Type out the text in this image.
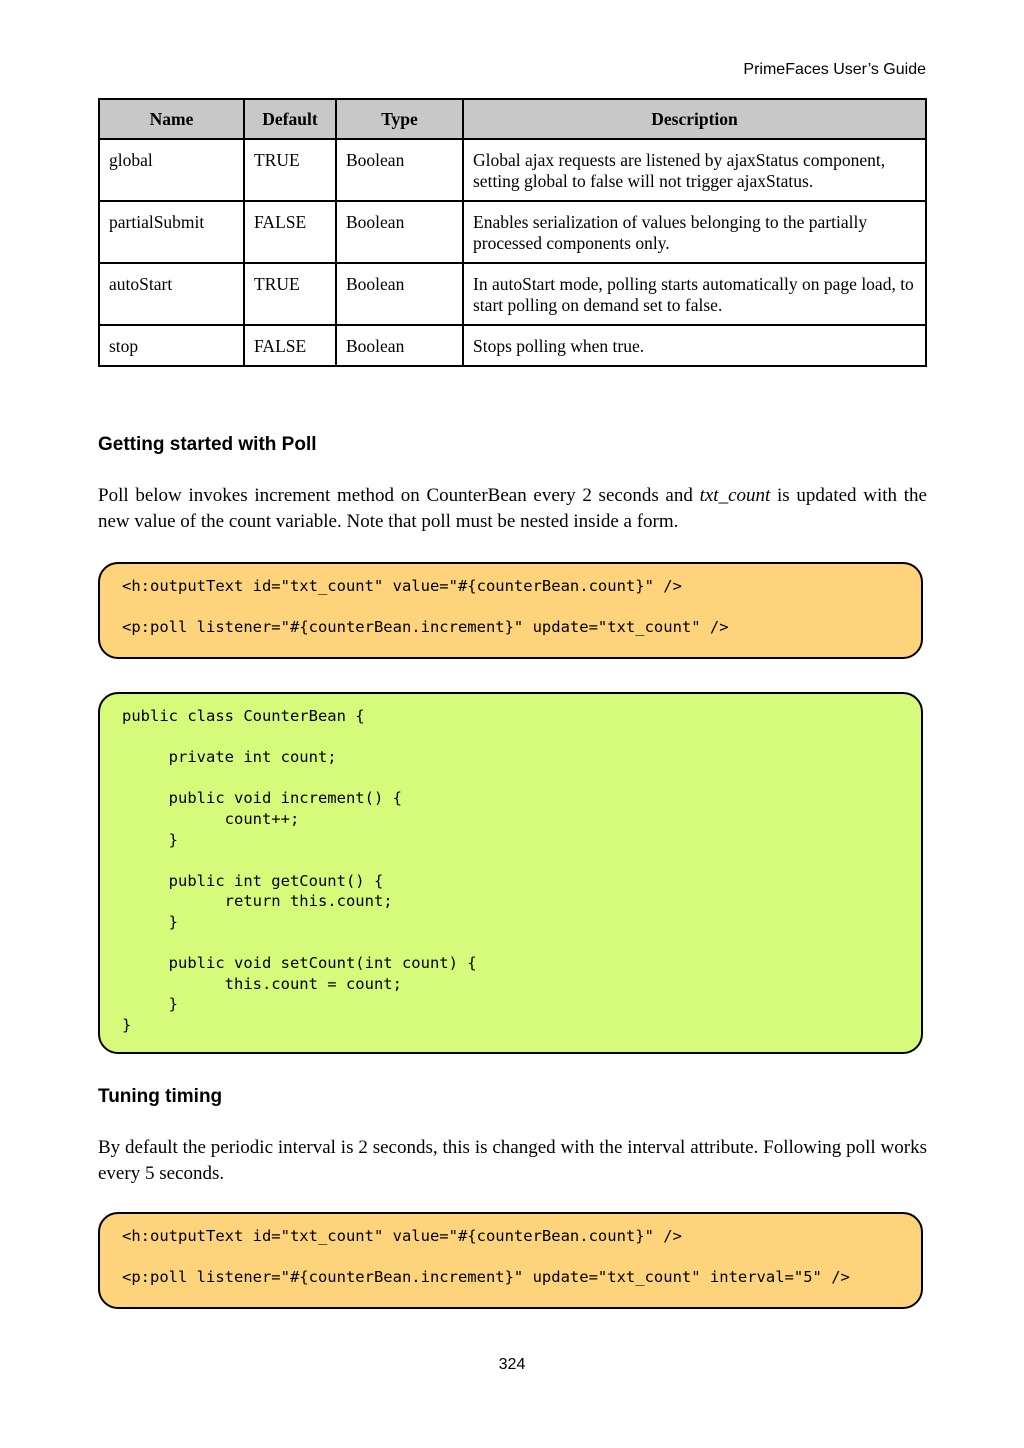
PrimeFaces User’s Guide
Name	Default	Type	Description
global	TRUE	Boolean	Global ajax requests are listened by ajaxStatus component, setting global to false will not trigger ajaxStatus.
partialSubmit	FALSE	Boolean	Enables serialization of values belonging to the partially processed components only.
autoStart	TRUE	Boolean	In autoStart mode, polling starts automatically on page load, to start polling on demand set to false.
stop	FALSE	Boolean	Stops polling when true.
Getting started with Poll

Poll below invokes increment method on CounterBean every 2 seconds and txt_count is updated with the new value of the count variable. Note that poll must be nested inside a form.

<h:outputText id="txt_count" value="#{counterBean.count}" />

<p:poll listener="#{counterBean.increment}" update="txt_count" />
public class CounterBean {

private int count;

public void increment() {
count++;
}

public int getCount() {
return this.count;
}

public void setCount(int count) {
this.count = count;
}
}
Tuning timing

By default the periodic interval is 2 seconds, this is changed with the interval attribute. Following poll works every 5 seconds.

<h:outputText id="txt_count" value="#{counterBean.count}" />

<p:poll listener="#{counterBean.increment}" update="txt_count" interval="5" />
324
